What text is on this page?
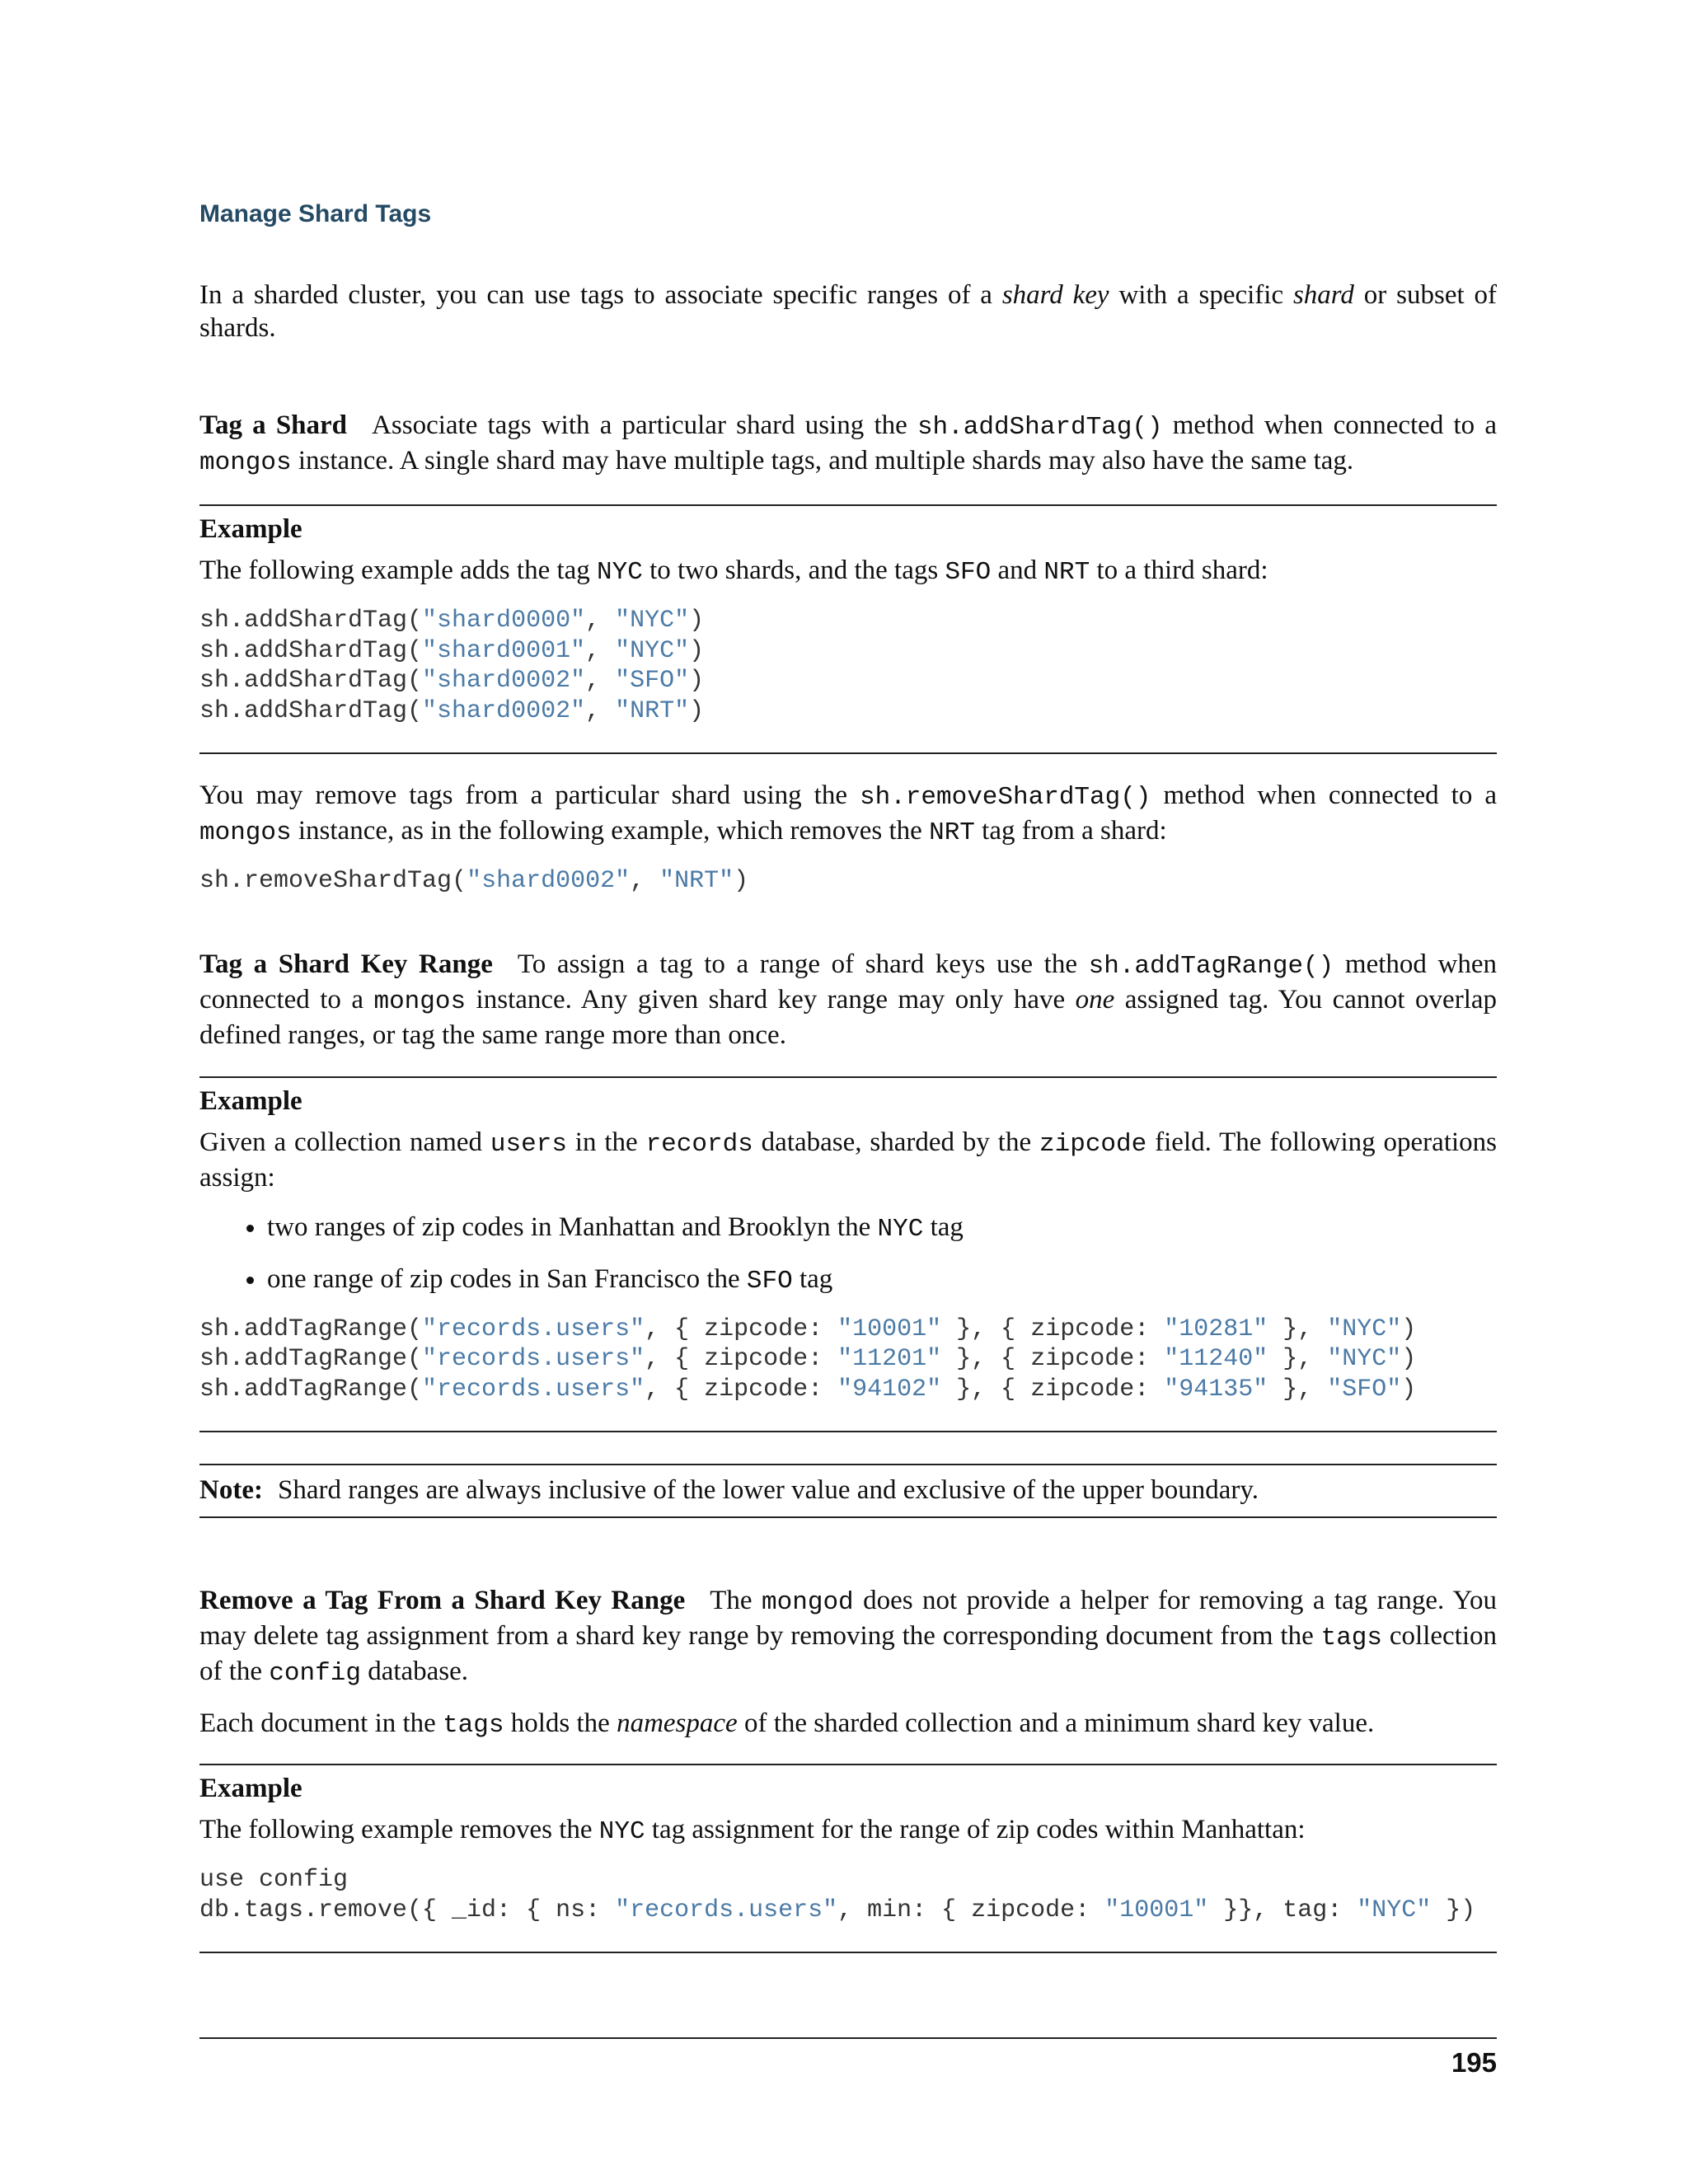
Manage Shard Tags

In a sharded cluster, you can use tags to associate specific ranges of a shard key with a specific shard or subset of shards.

Tag a Shard Associate tags with a particular shard using the sh.addShardTag() method when connected to a mongos instance. A single shard may have multiple tags, and multiple shards may also have the same tag.

Example

The following example adds the tag NYC to two shards, and the tags SFO and NRT to a third shard:

sh.addShardTag("shard0000", "NYC")
sh.addShardTag("shard0001", "NYC")
sh.addShardTag("shard0002", "SFO")
sh.addShardTag("shard0002", "NRT")

You may remove tags from a particular shard using the sh.removeShardTag() method when connected to a mongos instance, as in the following example, which removes the NRT tag from a shard:

sh.removeShardTag("shard0002", "NRT")

Tag a Shard Key Range To assign a tag to a range of shard keys use the sh.addTagRange() method when connected to a mongos instance. Any given shard key range may only have one assigned tag. You cannot overlap defined ranges, or tag the same range more than once.

Example

Given a collection named users in the records database, sharded by the zipcode field. The following operations assign:

• two ranges of zip codes in Manhattan and Brooklyn the NYC tag
• one range of zip codes in San Francisco the SFO tag
sh.addTagRange("records.users", { zipcode: "10001" }, { zipcode: "10281" }, "NYC")
sh.addTagRange("records.users", { zipcode: "11201" }, { zipcode: "11240" }, "NYC")
sh.addTagRange("records.users", { zipcode: "94102" }, { zipcode: "94135" }, "SFO")

Note: Shard ranges are always inclusive of the lower value and exclusive of the upper boundary.

Remove a Tag From a Shard Key Range The mongod does not provide a helper for removing a tag range. You may delete tag assignment from a shard key range by removing the corresponding document from the tags collection of the config database.

Each document in the tags holds the namespace of the sharded collection and a minimum shard key value.

Example

The following example removes the NYC tag assignment for the range of zip codes within Manhattan:

use config
db.tags.remove({ _id: { ns: "records.users", min: { zipcode: "10001" }}, tag: "NYC" })
195
